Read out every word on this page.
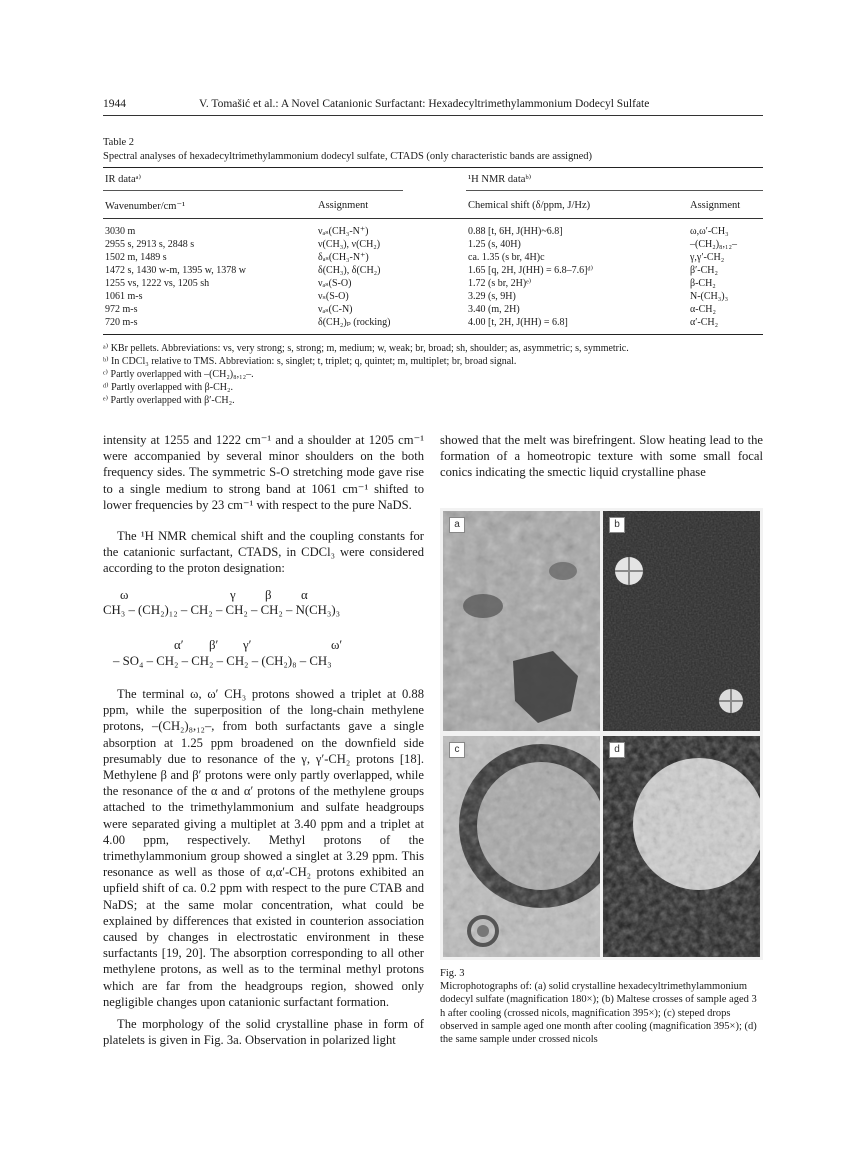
1944	V. Tomašić et al.: A Novel Catanionic Surfactant: Hexadecyltrimethylammonium Dodecyl Sulfate
Table 2
Spectral analyses of hexadecyltrimethylammonium dodecyl sulfate, CTADS (only characteristic bands are assigned)
IR dataᵃ⁾	¹H NMR dataᵇ⁾
Wavenumber/cm⁻¹	Assignment	Chemical shift (δ/ppm, J/Hz)	Assignment
3030 m	νₐₛ(CH₃-N⁺)	0.88 [t, 6H, J(HH)~6.8]	ω,ω′-CH₃
2955 s, 2913 s, 2848 s	ν(CH₃), ν(CH₂)	1.25 (s, 40H)	–(CH₂)₈,₁₂–
1502 m, 1489 s	δₐₛ(CH₃-N⁺)	ca. 1.35 (s br, 4H)c	γ,γ′-CH₂
1472 s, 1430 w-m, 1395 w, 1378 w	δ(CH₃), δ(CH₂)	1.65 [q, 2H, J(HH) = 6.8–7.6]ᵈ⁾	β′-CH₂
1255 vs, 1222 vs, 1205 sh	νₐₛ(S-O)	1.72 (s br, 2H)ᵉ⁾	β-CH₂
1061 m-s	νₛ(S-O)	3.29 (s, 9H)	N-(CH₃)₃
972 m-s	νₐₛ(C-N)	3.40 (m, 2H)	α-CH₂
720 m-s	δ(CH₂)ₚ (rocking)	4.00 [t, 2H, J(HH) = 6.8]	α′-CH₂
ᵃ⁾ KBr pellets. Abbreviations: vs, very strong; s, strong; m, medium; w, weak; br, broad; sh, shoulder; as, asymmetric; s, symmetric.
ᵇ⁾ In CDCl₃ relative to TMS. Abbreviation: s, singlet; t, triplet; q, quintet; m, multiplet; br, broad signal.
ᶜ⁾ Partly overlapped with –(CH₂)₈,₁₂–.
ᵈ⁾ Partly overlapped with β-CH₂.
ᵉ⁾ Partly overlapped with β′-CH₂.
intensity at 1255 and 1222 cm⁻¹ and a shoulder at 1205 cm⁻¹ were accompanied by several minor shoulders on the both frequency sides. The symmetric S-O stretching mode gave rise to a single medium to strong band at 1061 cm⁻¹ shifted to lower frequencies by 23 cm⁻¹ with respect to the pure NaDS.
The ¹H NMR chemical shift and the coupling constants for the catanionic surfactant, CTADS, in CDCl₃ were considered according to the proton designation:
ω	γ β α
CH₃ – (CH₂)₁₂ – CH₂ – CH₂ – CH₂ – N(CH₃)₃
α′ β′ γ′	ω′
– SO₄ – CH₂ – CH₂ – CH₂ – (CH₂)₈ – CH₃
The terminal ω, ω′ CH₃ protons showed a triplet at 0.88 ppm, while the superposition of the long-chain methylene protons, –(CH₂)₈,₁₂–, from both surfactants gave a single absorption at 1.25 ppm broadened on the downfield side presumably due to resonance of the γ, γ′-CH₂ protons [18]. Methylene β and β′ protons were only partly overlapped, while the resonance of the α and α′ protons of the methylene groups attached to the trimethylammonium and sulfate headgroups were separated giving a multiplet at 3.40 ppm and a triplet at 4.00 ppm, respectively. Methyl protons of the trimethylammonium group showed a singlet at 3.29 ppm. This resonance as well as those of α,α′-CH₂ protons exhibited an upfield shift of ca. 0.2 ppm with respect to the pure CTAB and NaDS; at the same molar concentration, what could be explained by differences that existed in counterion association caused by changes in electrostatic environment in these surfactants [19, 20]. The absorption corresponding to all other methylene protons, as well as to the terminal methyl protons which are far from the headgroups region, showed only negligible changes upon catanionic surfactant formation.
The morphology of the solid crystalline phase in form of platelets is given in Fig. 3a. Observation in polarized light
showed that the melt was birefringent. Slow heating lead to the formation of a homeotropic texture with some small focal conics indicating the smectic liquid crystalline phase
a	b
c	d
Fig. 3
Microphotographs of: (a) solid crystalline hexadecyltrimethylammonium dodecyl sulfate (magnification 180×); (b) Maltese crosses of sample aged 3 h after cooling (crossed nicols, magnification 395×); (c) steped drops observed in sample aged one month after cooling (magnification 395×); (d) the same sample under crossed nicols
